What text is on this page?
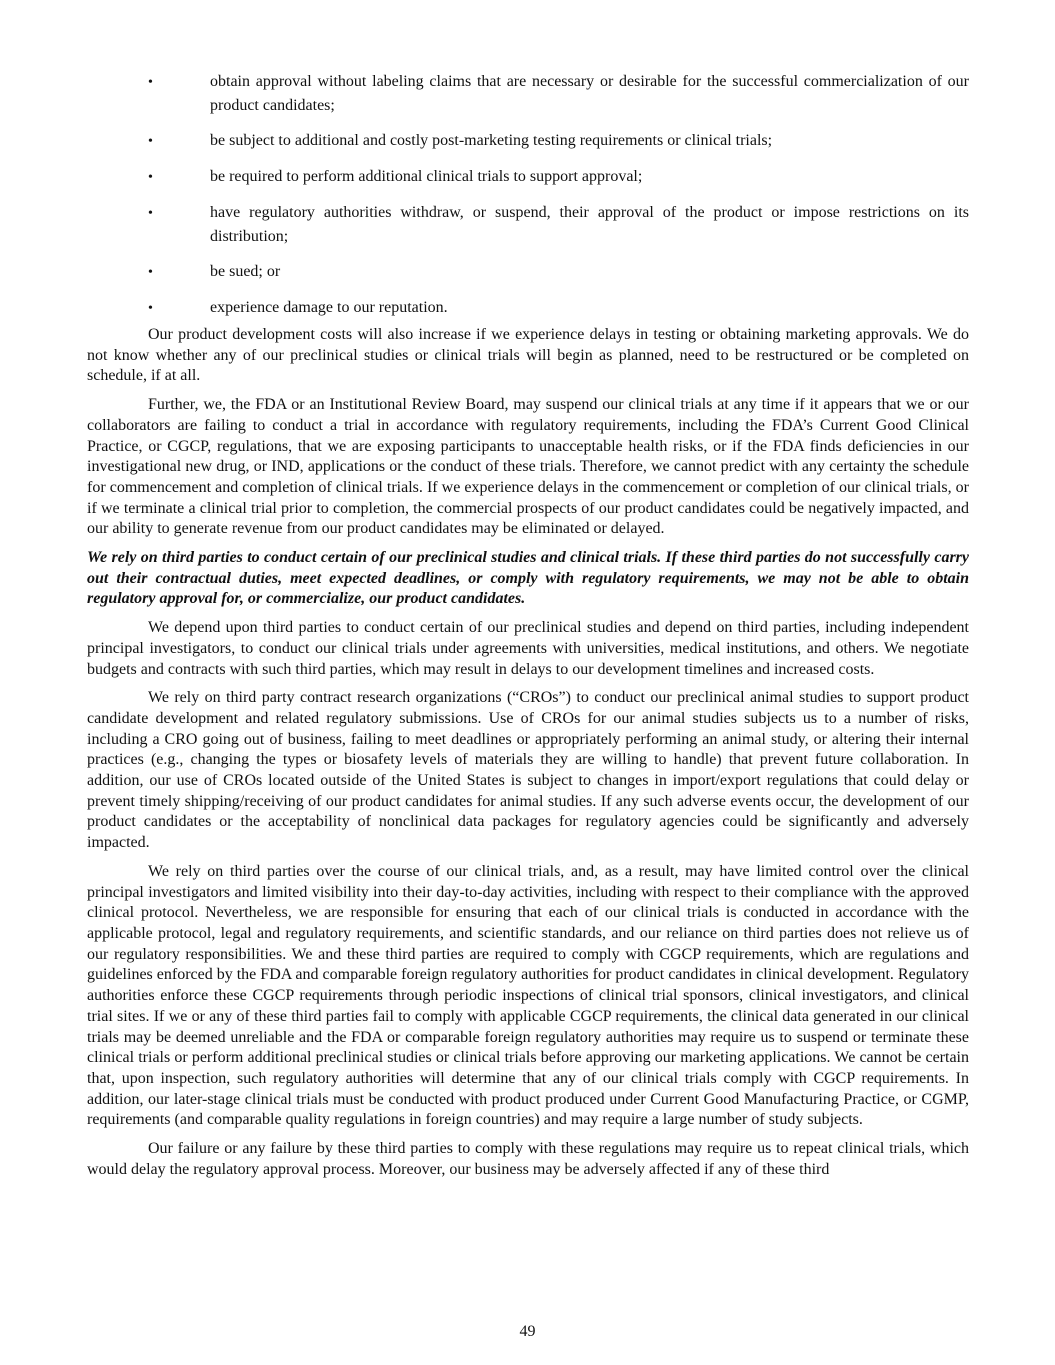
•	obtain approval without labeling claims that are necessary or desirable for the successful commercialization of our product candidates;
•	be subject to additional and costly post-marketing testing requirements or clinical trials;
•	be required to perform additional clinical trials to support approval;
•	have regulatory authorities withdraw, or suspend, their approval of the product or impose restrictions on its distribution;
•	be sued; or
•	experience damage to our reputation.

Our product development costs will also increase if we experience delays in testing or obtaining marketing approvals. We do not know whether any of our preclinical studies or clinical trials will begin as planned, need to be restructured or be completed on schedule, if at all.

Further, we, the FDA or an Institutional Review Board, may suspend our clinical trials at any time if it appears that we or our collaborators are failing to conduct a trial in accordance with regulatory requirements, including the FDA’s Current Good Clinical Practice, or CGCP, regulations, that we are exposing participants to unacceptable health risks, or if the FDA finds deficiencies in our investigational new drug, or IND, applications or the conduct of these trials. Therefore, we cannot predict with any certainty the schedule for commencement and completion of clinical trials. If we experience delays in the commencement or completion of our clinical trials, or if we terminate a clinical trial prior to completion, the commercial prospects of our product candidates could be negatively impacted, and our ability to generate revenue from our product candidates may be eliminated or delayed.

We rely on third parties to conduct certain of our preclinical studies and clinical trials. If these third parties do not successfully carry out their contractual duties, meet expected deadlines, or comply with regulatory requirements, we may not be able to obtain regulatory approval for, or commercialize, our product candidates.

We depend upon third parties to conduct certain of our preclinical studies and depend on third parties, including independent principal investigators, to conduct our clinical trials under agreements with universities, medical institutions, and others. We negotiate budgets and contracts with such third parties, which may result in delays to our development timelines and increased costs.

We rely on third party contract research organizations (“CROs”) to conduct our preclinical animal studies to support product candidate development and related regulatory submissions. Use of CROs for our animal studies subjects us to a number of risks, including a CRO going out of business, failing to meet deadlines or appropriately performing an animal study, or altering their internal practices (e.g., changing the types or biosafety levels of materials they are willing to handle) that prevent future collaboration. In addition, our use of CROs located outside of the United States is subject to changes in import/export regulations that could delay or prevent timely shipping/receiving of our product candidates for animal studies. If any such adverse events occur, the development of our product candidates or the acceptability of nonclinical data packages for regulatory agencies could be significantly and adversely impacted.

We rely on third parties over the course of our clinical trials, and, as a result, may have limited control over the clinical principal investigators and limited visibility into their day-to-day activities, including with respect to their compliance with the approved clinical protocol. Nevertheless, we are responsible for ensuring that each of our clinical trials is conducted in accordance with the applicable protocol, legal and regulatory requirements, and scientific standards, and our reliance on third parties does not relieve us of our regulatory responsibilities. We and these third parties are required to comply with CGCP requirements, which are regulations and guidelines enforced by the FDA and comparable foreign regulatory authorities for product candidates in clinical development. Regulatory authorities enforce these CGCP requirements through periodic inspections of clinical trial sponsors, clinical investigators, and clinical trial sites. If we or any of these third parties fail to comply with applicable CGCP requirements, the clinical data generated in our clinical trials may be deemed unreliable and the FDA or comparable foreign regulatory authorities may require us to suspend or terminate these clinical trials or perform additional preclinical studies or clinical trials before approving our marketing applications. We cannot be certain that, upon inspection, such regulatory authorities will determine that any of our clinical trials comply with CGCP requirements. In addition, our later-stage clinical trials must be conducted with product produced under Current Good Manufacturing Practice, or CGMP, requirements (and comparable quality regulations in foreign countries) and may require a large number of study subjects.

Our failure or any failure by these third parties to comply with these regulations may require us to repeat clinical trials, which would delay the regulatory approval process. Moreover, our business may be adversely affected if any of these third

49
